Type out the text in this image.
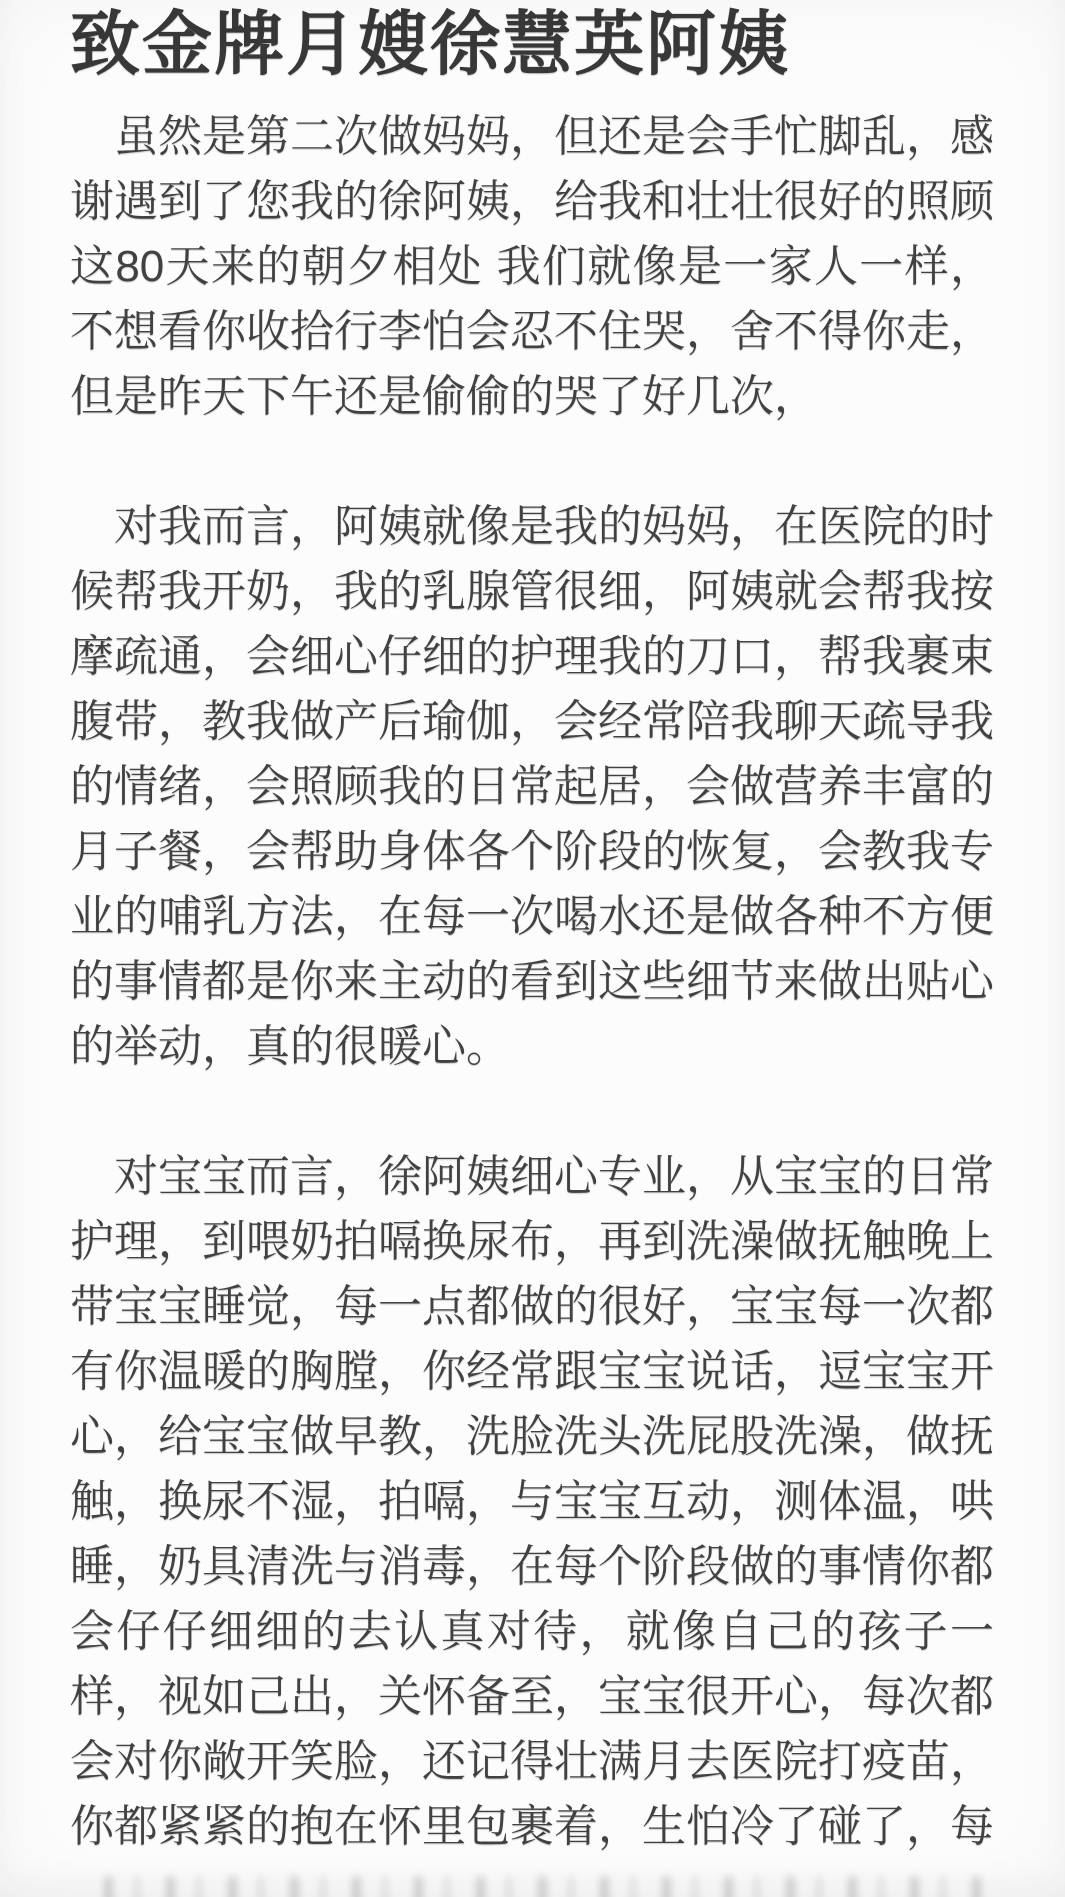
致金牌月嫂徐慧英阿姨

虽然是第二次做妈妈，但还是会手忙脚乱，感谢遇到了您我的徐阿姨，给我和壮壮很好的照顾这80天来的朝夕相处 我们就像是一家人一样，不想看你收拾行李怕会忍不住哭，舍不得你走，但是昨天下午还是偷偷的哭了好几次，

对我而言，阿姨就像是我的妈妈，在医院的时候帮我开奶，我的乳腺管很细，阿姨就会帮我按摩疏通，会细心仔细的护理我的刀口，帮我裹束腹带，教我做产后瑜伽，会经常陪我聊天疏导我的情绪，会照顾我的日常起居，会做营养丰富的月子餐，会帮助身体各个阶段的恢复，会教我专业的哺乳方法，在每一次喝水还是做各种不方便的事情都是你来主动的看到这些细节来做出贴心的举动，真的很暖心。

对宝宝而言，徐阿姨细心专业，从宝宝的日常护理，到喂奶拍嗝换尿布，再到洗澡做抚触晚上带宝宝睡觉，每一点都做的很好，宝宝每一次都有你温暖的胸膛，你经常跟宝宝说话，逗宝宝开心，给宝宝做早教，洗脸洗头洗屁股洗澡，做抚触，换尿不湿，拍嗝，与宝宝互动，测体温，哄睡，奶具清洗与消毒，在每个阶段做的事情你都会仔仔细细的去认真对待，就像自己的孩子一样，视如己出，关怀备至，宝宝很开心，每次都会对你敞开笑脸，还记得壮满月去医院打疫苗，你都紧紧的抱在怀里包裹着，生怕冷了碰了，每
